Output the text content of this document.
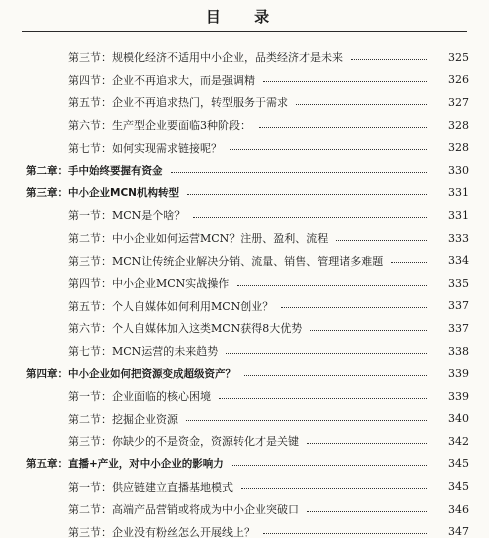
目 录
第三节：规模化经济不适用中小企业，品类经济才是未来	325
第四节：企业不再追求大，而是强调精	326
第五节：企业不再追求热门，转型服务于需求	327
第六节：生产型企业要面临3种阶段：	328
第七节：如何实现需求链接呢？	328
第二章：手中始终要握有资金	330
第三章：中小企业MCN机构转型	331
第一节：MCN是个啥？	331
第二节：中小企业如何运营MCN？注册、盈利、流程	333
第三节：MCN让传统企业解决分销、流量、销售、管理诸多难题	334
第四节：中小企业MCN实战操作	335
第五节：个人自媒体如何利用MCN创业？	337
第六节：个人自媒体加入这类MCN获得8大优势	337
第七节：MCN运营的未来趋势	338
第四章：中小企业如何把资源变成超级资产？	339
第一节：企业面临的核心困境	339
第二节：挖掘企业资源	340
第三节：你缺少的不是资金，资源转化才是关键	342
第五章：直播+产业，对中小企业的影响力	345
第一节：供应链建立直播基地模式	345
第二节：高端产品营销或将成为中小企业突破口	346
第三节：企业没有粉丝怎么开展线上？	347
